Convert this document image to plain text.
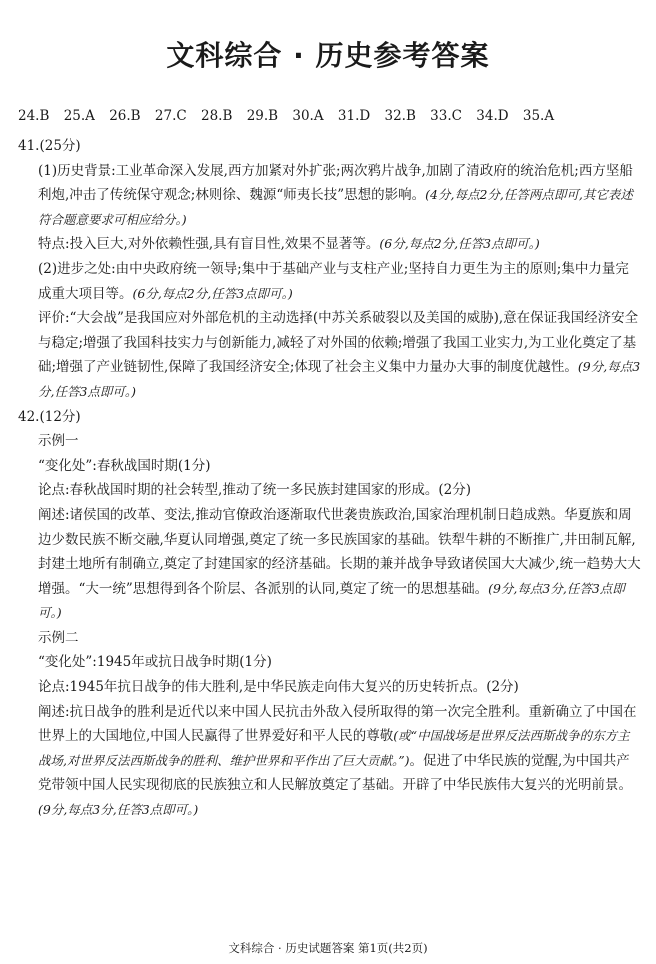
文科综合 · 历史参考答案
24.B 25.A 26.B 27.C 28.B 29.B 30.A 31.D 32.B 33.C 34.D 35.A

41.(25分)

(1)历史背景:工业革命深入发展,西方加紧对外扩张;两次鸦片战争,加剧了清政府的统治危机;西方坚船利炮,冲击了传统保守观念;林则徐、魏源“师夷长技”思想的影响。(4分,每点2分,任答两点即可,其它表述符合题意要求可相应给分。)

特点:投入巨大,对外依赖性强,具有盲目性,效果不显著等。(6分,每点2分,任答3点即可。)

(2)进步之处:由中央政府统一领导;集中于基础产业与支柱产业;坚持自力更生为主的原则;集中力量完成重大项目等。(6分,每点2分,任答3点即可。)

评价:“大会战”是我国应对外部危机的主动选择(中苏关系破裂以及美国的威胁),意在保证我国经济安全与稳定;增强了我国科技实力与创新能力,减轻了对外国的依赖;增强了我国工业实力,为工业化奠定了基础;增强了产业链韧性,保障了我国经济安全;体现了社会主义集中力量办大事的制度优越性。(9分,每点3分,任答3点即可。)

42.(12分)

示例一

“变化处”:春秋战国时期(1分)

论点:春秋战国时期的社会转型,推动了统一多民族封建国家的形成。(2分)

阐述:诸侯国的改革、变法,推动官僚政治逐渐取代世袭贵族政治,国家治理机制日趋成熟。华夏族和周边少数民族不断交融,华夏认同增强,奠定了统一多民族国家的基础。铁犁牛耕的不断推广,井田制瓦解,封建土地所有制确立,奠定了封建国家的经济基础。长期的兼并战争导致诸侯国大大减少,统一趋势大大增强。“大一统”思想得到各个阶层、各派别的认同,奠定了统一的思想基础。(9分,每点3分,任答3点即可。)

示例二

“变化处”:1945年或抗日战争时期(1分)

论点:1945年抗日战争的伟大胜利,是中华民族走向伟大复兴的历史转折点。(2分)

阐述:抗日战争的胜利是近代以来中国人民抗击外敌入侵所取得的第一次完全胜利。重新确立了中国在世界上的大国地位,中国人民赢得了世界爱好和平人民的尊敬(或“中国战场是世界反法西斯战争的东方主战场,对世界反法西斯战争的胜利、维护世界和平作出了巨大贡献。”)。促进了中华民族的觉醒,为中国共产党带领中国人民实现彻底的民族独立和人民解放奠定了基础。开辟了中华民族伟大复兴的光明前景。(9分,每点3分,任答3点即可。)

文科综合 · 历史试题答案 第1页(共2页)
